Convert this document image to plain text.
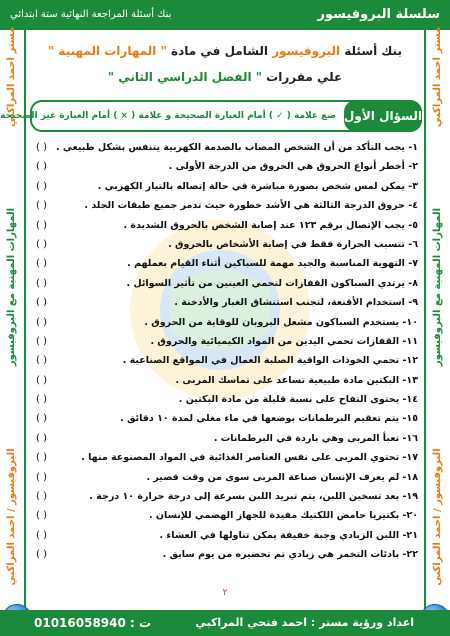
سلسلة البروفيسور
بنك أسئلة المراجعة النهائية ستة ابتدائي
مستر احمد المراكبي
المهارات المهنية مع البروفيسور
البروفيسور / احمد المراكبي
مستر احمد المراكبي
المهارات المهنية مع البروفيسور
البروفيسور / احمد المراكبي
بنك أسئلة البروفيسور الشامل في مادة " المهارات المهنية "
علي مقررات " الفصل الدراسي الثاني "
السؤال الأول
ضع علامة ( ✓ ) أمام العبارة الصحيحة و علامة ( × ) أمام العبارة غير الصحيحة
١- يجب التأكد من أن الشخص المصاب بالصدمة الكهربية يتنفس بشكل طبيعي .
( )
٢- أخطر أنواع الحروق هي الحروق من الدرجة الأولى .
( )
٣- يمكن لمس شخص بصورة مباشرة في حالة إتصاله بالتيار الكهربي .
( )
٤- حروق الدرجة الثالثة هي الأشد خطورة حيث تدمر جميع طبقات الجلد .
( )
٥- يجب الإتصال برقم ١٢٣ عند إصابة الشخص بالحروق الشديدة .
( )
٦- تتسبب الحرارة فقط في إصابة الأشخاص بالحروق .
( )
٧- التهوية المناسبة والجيد مهمة للسباكين أثناء القيام بعملهم .
( )
٨- يرتدي السباكون القفازات لتحمي العينين من تأثير السوائل .
( )
٩- استخدام الأقنعة، لتجنب استنشاق الغبار والأدخنة .
( )
١٠- يستخدم السباكون مشعل البروبان للوقاية من الحروق .
( )
١١- القفازات تحمي اليدين من المواد الكيميائية والحروق .
( )
١٢- تحمي الخوذات الواقية الصلبة العمال في المواقع الصناعية .
( )
١٣- البكتين مادة طبيعية تساعد على تماسك المربى .
( )
١٤- يحتوى التفاح على نسبة قليلة من مادة البكتين .
( )
١٥- يتم تعقيم البرطمانات بوضعها في ماء مغلي لمدة ١٠ دقائق .
( )
١٦- تعبأ المربى وهي باردة في البرطمانات .
( )
١٧- تحتوي المربى على نفس العناصر الغذائية في المواد المصنوعة منها .
( )
١٨- لم يعرف الإنسان صناعة المربى سوى من وقت قصير .
( )
١٩- بعد تسخين اللبن، يتم تبريد اللبن بسرعة إلى درجة حرارة ١٠ درجة .
( )
٢٠- بكتيريا حامض اللكتيك مفيدة للجهاز الهضمي للإنسان .
( )
٢١- اللبن الزبادي وجبة خفيفة يمكن تناولها في العشاء .
( )
٢٢- بادئات التخمر هي زبادي تم تحضيره من يوم سابق .
( )
٢
اعداد ورؤية مستر : احمد فتحي المراكبي
ت : 01016058940
